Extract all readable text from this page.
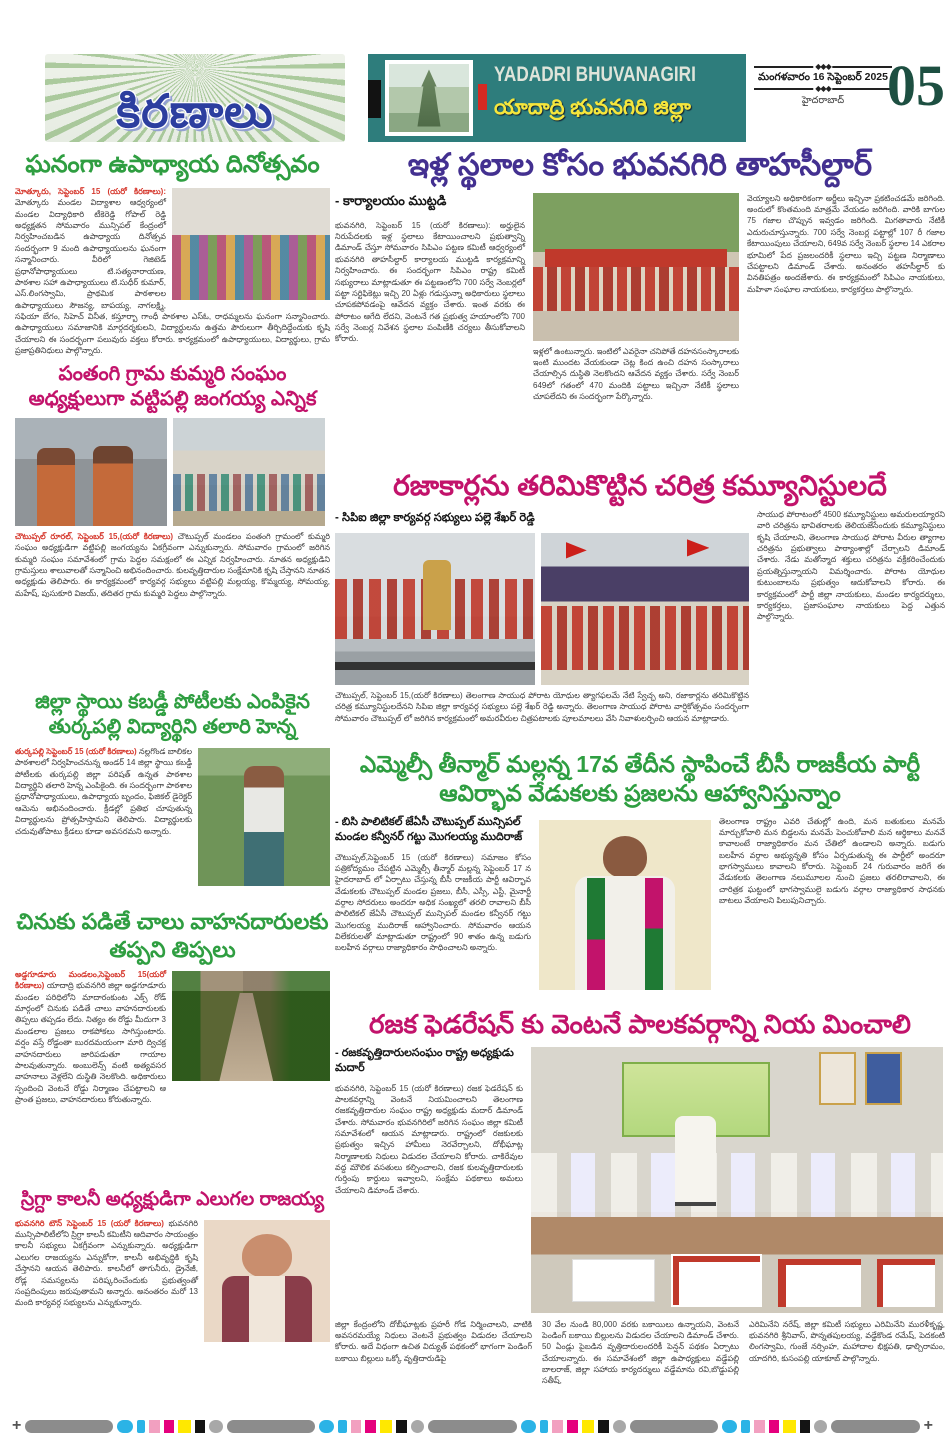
కిరణాలు
YADADRI BHUVANAGIRI
యాదాద్రి భువనగిరి జిల్లా
◆◆◆
మంగళవారం 16 సెప్టెంబర్ 2025
◆◆◆
హైదరాబాద్ 05
ఘనంగా ఉపాధ్యాయ దినోత్సవం
మోత్కూరు, సెప్టెంబర్ 15 (యరో కిరణాలు): మోత్కూరు మండల విద్యాశాల ఆధ్వర్యంలో మండల విద్యాధికారి టీకెరెడ్డి గోపాల్ రెడ్డి అధ్యక్షతన సోమవారం మున్సిపల్ కేంద్రంలో నిర్వహించబడిన ఉపాధ్యాయ దినోత్సవ సందర్భంగా 9 మంది ఉపాధ్యాయులను ఘనంగా సన్మానించారు. వీరిలో గెజిటెడ్ ప్రధానోపాధ్యాయులు టి.సత్యనారాయణ, పాఠశాల సహా ఉపాధ్యాయులు టి.సుధీర్ కుమార్, ఎస్.లింగస్వామి, ప్రాథమిక పాఠశాలల ఉపాధ్యాయులు సౌజన్య, బాపయ్య, నాగలక్ష్మి, సఫియా బేగం, సిహెచ్ వినీత, కస్తూర్బా గాంధీ పాఠశాల ఎస్ఓ, రాధమ్మలను ఘనంగా సన్మానించారు. ఉపాధ్యాయులు సమాజానికి మార్గదర్శకులని, విద్యార్థులను ఉత్తమ పౌరులుగా తీర్చిదిద్దేందుకు కృషి చేయాలని ఈ సందర్భంగా పలువురు వక్తలు కోరారు. కార్యక్రమంలో ఉపాధ్యాయులు, విద్యార్థులు, గ్రామ ప్రజాప్రతినిధులు పాల్గొన్నారు.
పంతంగి గ్రామ కుమ్మరి సంఘం అధ్యక్షులుగా వట్టిపల్లి జంగయ్య ఎన్నిక
చౌటుప్పల్ రూరల్, సెప్టెంబర్ 15,(యరో కిరణాలు) చౌటుప్పల్ మండలం పంతంగి గ్రామంలో కుమ్మరి సంఘం అధ్యక్షుడిగా వట్టిపల్లి జంగయ్యను ఏకగ్రీవంగా ఎన్నుకున్నారు. సోమవారం గ్రామంలో జరిగిన కుమ్మరి సంఘం సమావేశంలో గ్రామ పెద్దల సమక్షంలో ఈ ఎన్నిక నిర్వహించారు. నూతన అధ్యక్షుడిని గ్రామస్తులు శాలువాలతో సన్మానించి అభినందించారు. కులవృత్తిదారుల సంక్షేమానికి కృషి చేస్తానని నూతన అధ్యక్షుడు తెలిపారు. ఈ కార్యక్రమంలో కార్యవర్గ సభ్యులు వట్టిపల్లి మల్లయ్య, కొమ్మయ్య, సోమయ్య, మహేష్, పుసుకూరి విజయ్, తదితర గ్రామ కుమ్మరి పెద్దలు పాల్గొన్నారు.
జిల్లా స్థాయి కబడ్డీ పోటీలకు ఎంపికైన తుర్కపల్లి విద్యార్థిని తలారి హెన్న
తుర్కపల్లి సెప్టెంబర్ 15 (యరో కిరణాలు) నల్లగొండ బాలికల పాఠశాలలో నిర్వహించనున్న అండర్ 14 జిల్లా స్థాయి కబడ్డీ పోటీలకు తుర్కపల్లి జిల్లా పరిషత్ ఉన్నత పాఠశాల విద్యార్థిని తలారి హెన్న ఎంపికైంది. ఈ సందర్భంగా పాఠశాల ప్రధానోపాధ్యాయులు, ఉపాధ్యాయ బృందం, ఫిజికల్ డైరెక్టర్ ఆమెను అభినందించారు. క్రీడల్లో ప్రతిభ చూపుతున్న విద్యార్థులను ప్రోత్సహిస్తామని తెలిపారు. విద్యార్థులకు చదువుతోపాటు క్రీడలు కూడా అవసరమని అన్నారు.
చినుకు పడితే చాలు వాహనదారులకు తప్పని తిప్పలు
అడ్డగూడూరు మండలం,సెప్టెంబర్ 15(యరో కిరణాలు) యాదాద్రి భువనగిరి జిల్లా అడ్డగూడూరు మండల పరిధిలోని మాదారంకుంట ఎక్స్ రోడ్ మార్గంలో చినుకు పడితే చాలు వాహనదారులకు తిప్పలు తప్పడం లేదు. నిత్యం ఈ రోడ్డు మీదుగా 3 మండలాల ప్రజలు రాకపోకలు సాగిస్తుంటారు. వర్షం వస్తే రోడ్డంతా బురదమయంగా మారి ద్విచక్ర వాహనదారులు జారిపడుతూ గాయాల పాలవుతున్నారు. అంబులెన్స్ వంటి అత్యవసర వాహనాలు వెళ్లలేని దుస్థితి నెలకొంది. అధికారులు స్పందించి వెంటనే రోడ్డు నిర్మాణం చేపట్టాలని ఆ ప్రాంత ప్రజలు, వాహనదారులు కోరుతున్నారు.
స్రిగ్దా కాలనీ అధ్యక్షుడిగా ఎలుగల రాజయ్య
భువనగిరి టౌన్ సెప్టెంబర్ 15 (యరో కిరణాలు) భువనగిరి మున్సిపాలిటీలోని స్రిగ్దా కాలనీ కమిటీని ఆదివారం సాయంత్రం కాలనీ సభ్యులు ఏకగ్రీవంగా ఎన్నుకున్నారు. అధ్యక్షుడిగా ఎలుగల రాజయ్యను ఎన్నుకోగా, కాలనీ అభివృద్ధికి కృషి చేస్తానని ఆయన తెలిపారు. కాలనీలో తాగునీరు, డ్రైనేజీ, రోడ్ల సమస్యలను పరిష్కరించేందుకు ప్రభుత్వంతో సంప్రదింపులు జరుపుతామని అన్నారు. అనంతరం మరో 13 మంది కార్యవర్గ సభ్యులను ఎన్నుకున్నారు.
ఇళ్ల స్థలాల కోసం భువనగిరి తాహసీల్దార్
- కార్యాలయం ముట్టడి
భువనగిరి, సెప్టెంబర్ 15 (యరో కిరణాలు): అర్హులైన నిరుపేదలకు ఇళ్ల స్థలాలు కేటాయించాలని ప్రభుత్వాన్ని డిమాండ్ చేస్తూ సోమవారం సిపిఎం పట్టణ కమిటీ ఆధ్వర్యంలో భువనగిరి తాహసీల్దార్ కార్యాలయ ముట్టడి కార్యక్రమాన్ని నిర్వహించారు. ఈ సందర్భంగా సిపిఎం రాష్ట్ర కమిటీ సభ్యురాలు మాట్లాడుతూ ఈ పట్టణంలోని 700 సర్వే నెంబర్లలో పట్టా సర్టిఫికెట్లు ఇచ్చి 20 ఏళ్లు గడుస్తున్నా అధికారులు స్థలాలు చూపకపోవడంపై ఆవేదన వ్యక్తం చేశారు. ఇంత వరకు ఈ పోరాటం ఆగేది లేదని, వెంటనే గత ప్రభుత్వ హయాంలోని 700 సర్వే నెంబర్ల నివేశన స్థలాల పంపిణీకి చర్యలు తీసుకోవాలని కోరారు.
ఇళ్లలో ఉంటున్నారు. ఇంటిలో ఎవరైనా చనిపోతే దహనసంస్కారాలకు ఇంటి ముందట వేయకుండా చెట్ల కింద ఉంచి దహన సంస్కారాలు చేయాల్సిన దుస్థితి నెలకొందని ఆవేదన వ్యక్తం చేశారు. సర్వే నెంబర్ 649లో గతంలో 470 మందికి పట్టాలు ఇచ్చినా నేటికీ స్థలాలు చూపలేదని ఈ సందర్భంగా పేర్కొన్నారు.
వెయ్యాలని అధికారికంగా అర్జీలు ఇచ్చినా ప్రకటించడమే జరిగింది. అందులో కొంతమంది మాత్రమే వేయడం జరిగింది. వారికి బాగుల 75 గజాల చొప్పున ఇవ్వడం జరిగింది. మిగతావారు నేటికీ ఎదురుచూస్తున్నారు. 700 సర్వే నెంబర్ల పట్టాల్లో 107 రీ గజాల కేటాయింపులు చేయాలని, 649వ సర్వే నెంబర్ స్థలాల 14 ఎకరాల భూమిలో పేద ప్రజలందరికీ స్థలాలు ఇచ్చి పట్టణ నిర్మాణాలు చేపట్టాలని డిమాండ్ చేశారు. అనంతరం తహసీల్దార్ కు వినతిపత్రం అందజేశారు. ఈ కార్యక్రమంలో సిపిఎం నాయకులు, మహిళా సంఘాల నాయకులు, కార్యకర్తలు పాల్గొన్నారు.
రజాకార్లను తరిమికొట్టిన చరిత్ర కమ్యూనిస్టులదే
- సిపిఐ జిల్లా కార్యవర్గ సభ్యులు పల్లె శేఖర్ రెడ్డి
చౌటుప్పల్, సెప్టెంబర్ 15,(యరో కిరణాలు) తెలంగాణ సాయుధ పోరాట యోధుల త్యాగఫలమే నేటి స్వేచ్ఛ అని, రజాకార్లను తరిమికొట్టిన చరిత్ర కమ్యూనిస్టులదేనని సిపిఐ జిల్లా కార్యవర్గ సభ్యులు పల్లె శేఖర్ రెడ్డి అన్నారు. తెలంగాణ సాయుధ పోరాట వార్షికోత్సవం సందర్భంగా సోమవారం చౌటుప్పల్ లో జరిగిన కార్యక్రమంలో అమరవీరుల చిత్రపటాలకు పూలమాలలు వేసి నివాళులర్పించి ఆయన మాట్లాడారు.
సాయుధ పోరాటంలో 4500 కమ్యూనిస్టులు అమరులయ్యారని వారి చరిత్రను భావితరాలకు తెలియజేసేందుకు కమ్యూనిస్టులు కృషి చేయాలని, తెలంగాణ సాయుధ పోరాట వీరుల త్యాగాల చరిత్రను ప్రభుత్వాలు పాఠ్యాంశాల్లో చేర్చాలని డిమాండ్ చేశారు. నేడు మతోన్మాద శక్తులు చరిత్రను వక్రీకరించేందుకు ప్రయత్నిస్తున్నాయని విమర్శించారు. పోరాట యోధుల కుటుంబాలను ప్రభుత్వం ఆదుకోవాలని కోరారు. ఈ కార్యక్రమంలో పార్టీ జిల్లా నాయకులు, మండల కార్యదర్శులు, కార్యకర్తలు, ప్రజాసంఘాల నాయకులు పెద్ద ఎత్తున పాల్గొన్నారు.
ఎమ్మెల్సీ తీన్మార్ మల్లన్న 17వ తేదీన స్థాపించే బీసీ రాజకీయ పార్టీ ఆవిర్భావ వేడుకలకు ప్రజలను ఆహ్వానిస్తున్నాం
- బిసి పాలిటికల్ జేఏసీ చౌటుప్పల్ మున్సిపల్ మండల కన్వీనర్ గట్టు మొగలయ్య ముదిరాజ్
చౌటుప్పల్,సెప్టెంబర్ 15 (యరో కిరణాలు) సమాజం కోసం పత్రికోద్యమం చేపట్టిన ఎమ్మెల్సీ తీన్మార్ మల్లన్న సెప్టెంబర్ 17 న హైదరాబాద్ లో ఏర్పాటు చేస్తున్న బీసీ రాజకీయ పార్టీ ఆవిర్భావ వేడుకలకు చౌటుప్పల్ మండల ప్రజలు, బీసీ, ఎస్సీ, ఎస్టీ, మైనార్టీ వర్గాల సోదరులు అందరూ అధిక సంఖ్యలో తరలి రావాలని బీసీ పొలిటికల్ జేఏసీ చౌటుప్పల్ మున్సిపల్ మండల కన్వీనర్ గట్టు మొగలయ్య ముదిరాజ్ ఆహ్వానించారు. సోమవారం ఆయన విలేకరులతో మాట్లాడుతూ రాష్ట్రంలో 90 శాతం ఉన్న బడుగు బలహీన వర్గాలు రాజ్యాధికారం సాధించాలని అన్నారు.
తెలంగాణ రాష్ట్రం ఎవరి చేతుల్లో ఉంది, మన బతుకులు మనమే మార్చుకోవాలి మన బిడ్డలను మనమే పెంచుకోవాలి మన ఆర్థికాలు మనవే కావాలంటే రాజ్యాధికారం మన చేతిలో ఉండాలని అన్నారు. బడుగు బలహీన వర్గాల అభ్యున్నతి కోసం ఏర్పడుతున్న ఈ పార్టీలో అందరూ భాగస్వాములు కావాలని కోరారు. సెప్టెంబర్ 24 గురువారం జరిగే ఈ వేడుకలకు తెలంగాణ నలుమూలల నుంచి ప్రజలు తరలిరావాలని, ఈ చారిత్రక ఘట్టంలో భాగస్వాములై బడుగు వర్గాల రాజ్యాధికార సాధనకు బాటలు వేయాలని పిలుపునిచ్చారు.
రజక ఫెడరేషన్ కు వెంటనే పాలకవర్గాన్ని నియ మించాలి
- రజకవృత్తిదారులసంఘం రాష్ట్ర అధ్యక్షుడు మదార్
భువనగిరి, సెప్టెంబర్ 15 (యరో కిరణాలు) రజక ఫెడరేషన్ కు పాలకవర్గాన్ని వెంటనే నియమించాలని తెలంగాణ రజకవృత్తిదారుల సంఘం రాష్ట్ర అధ్యక్షుడు మదార్ డిమాండ్ చేశారు. సోమవారం భువనగిరిలో జరిగిన సంఘం జిల్లా కమిటీ సమావేశంలో ఆయన మాట్లాడారు. రాష్ట్రంలో రజకులకు ప్రభుత్వం ఇచ్చిన హామీలు నెరవేర్చాలని, దోభీఘాట్ల నిర్మాణాలకు నిధులు విడుదల చేయాలని కోరారు. చాకిరేవుల వద్ద మౌలిక వసతులు కల్పించాలని, రజక కులవృత్తిదారులకు గుర్తింపు కార్డులు ఇవ్వాలని, సంక్షేమ పథకాలు అమలు చేయాలని డిమాండ్ చేశారు.
జిల్లా కేంద్రంలోని దోబీఘాట్లకు ప్రహరీ గోడ నిర్మించాలని, వాటికి అవసరమయ్యే నిధులు వెంటనే ప్రభుత్వం విడుదల చేయాలని కోరారు. అదే విధంగా ఉచిత విద్యుత్ పథకంలో భాగంగా పెండింగ్ బకాయి బిల్లులు ఒక్కో వృత్తిదారుడిపై
30 వేల నుండి 80,000 వరకు బకాయిలు ఉన్నాయని, వెంటనే పెండింగ్ బకాయి బిల్లులను విడుదల చేయాలని డిమాండ్ చేశారు. 50 ఏండ్లు పైబడిన వృత్తిదారులందరికీ పెన్షన్ పథకం ఏర్పాటు చేయాలన్నారు. ఈ సమావేశంలో జిల్లా ఉపాధ్యక్షులు వడ్డేపల్లి బాలరాజ్, జిల్లా సహాయ కార్యదర్శులు వడ్డేమాను రవి,బొడ్డుపల్లి సతీష్,
ఎరిమినేని నరేష్, జిల్లా కమిటీ సభ్యులు ఎరిమినేని మురళీకృష్ణ, భువనగిరి శ్రీనివాస్, పొన్నతపులయ్య, వడ్డేకొండ రమేష్, పెదకంటి లింగస్వామి, గుంజే నర్సింహ, మహాదాల భిక్షపతి, ఢాల్చిరామం, యాదగిరి, కుసంపల్లి యాకూబ్ పాల్గొన్నారు.
+	+
